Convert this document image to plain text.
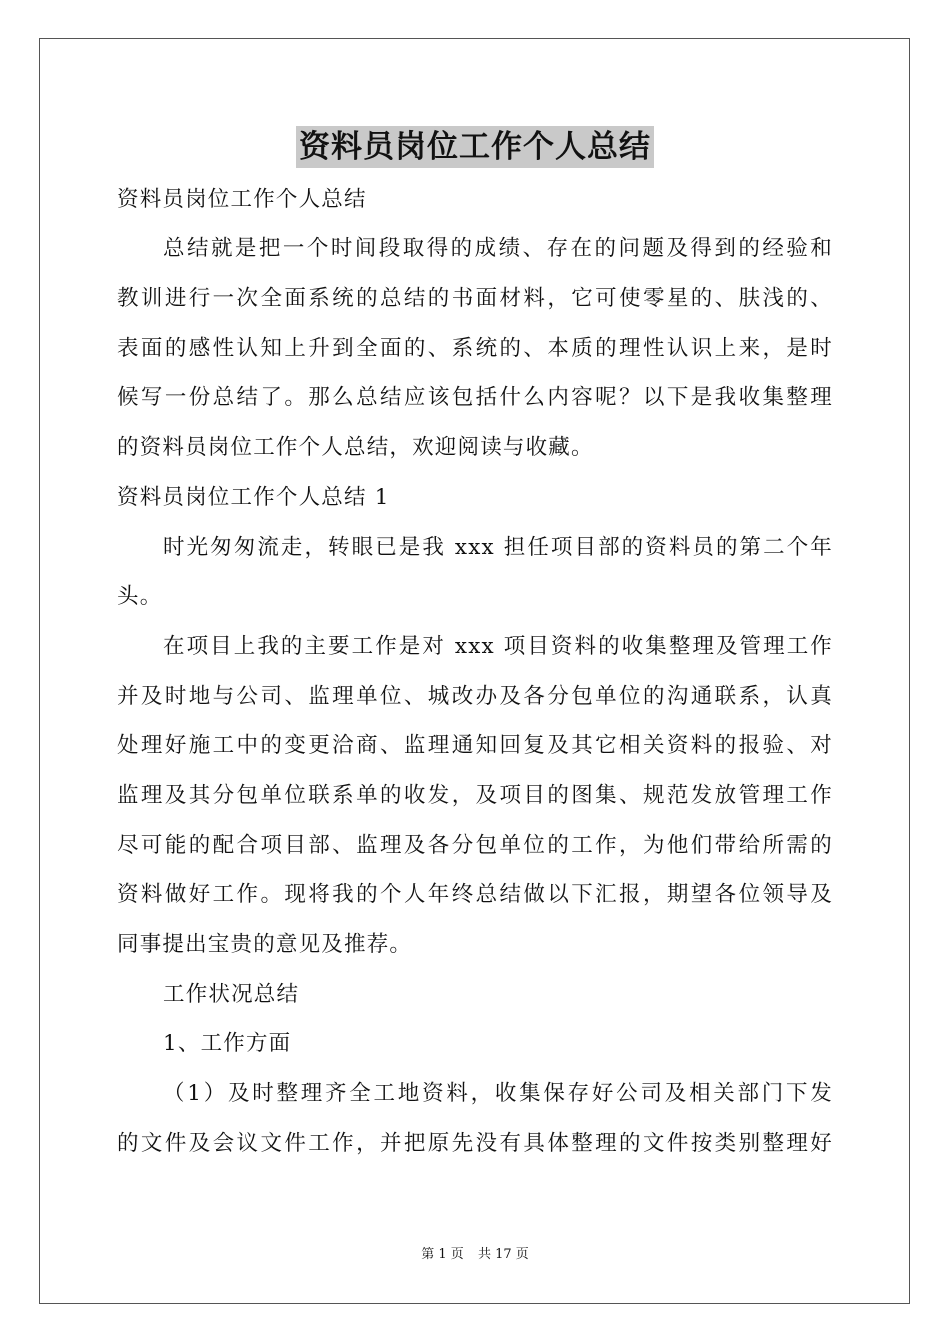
资料员岗位工作个人总结
资料员岗位工作个人总结
总结就是把一个时间段取得的成绩、存在的问题及得到的经验和
教训进行一次全面系统的总结的书面材料，它可使零星的、肤浅的、
表面的感性认知上升到全面的、系统的、本质的理性认识上来，是时
候写一份总结了。那么总结应该包括什么内容呢？以下是我收集整理
的资料员岗位工作个人总结，欢迎阅读与收藏。
资料员岗位工作个人总结 1
时光匆匆流走，转眼已是我 xxx 担任项目部的资料员的第二个年
头。
在项目上我的主要工作是对 xxx 项目资料的收集整理及管理工作
并及时地与公司、监理单位、城改办及各分包单位的沟通联系，认真
处理好施工中的变更洽商、监理通知回复及其它相关资料的报验、对
监理及其分包单位联系单的收发，及项目的图集、规范发放管理工作
尽可能的配合项目部、监理及各分包单位的工作，为他们带给所需的
资料做好工作。现将我的个人年终总结做以下汇报，期望各位领导及
同事提出宝贵的意见及推荐。
工作状况总结
1、工作方面
（1）及时整理齐全工地资料，收集保存好公司及相关部门下发
的文件及会议文件工作，并把原先没有具体整理的文件按类别整理好
第 1 页 共 17 页
